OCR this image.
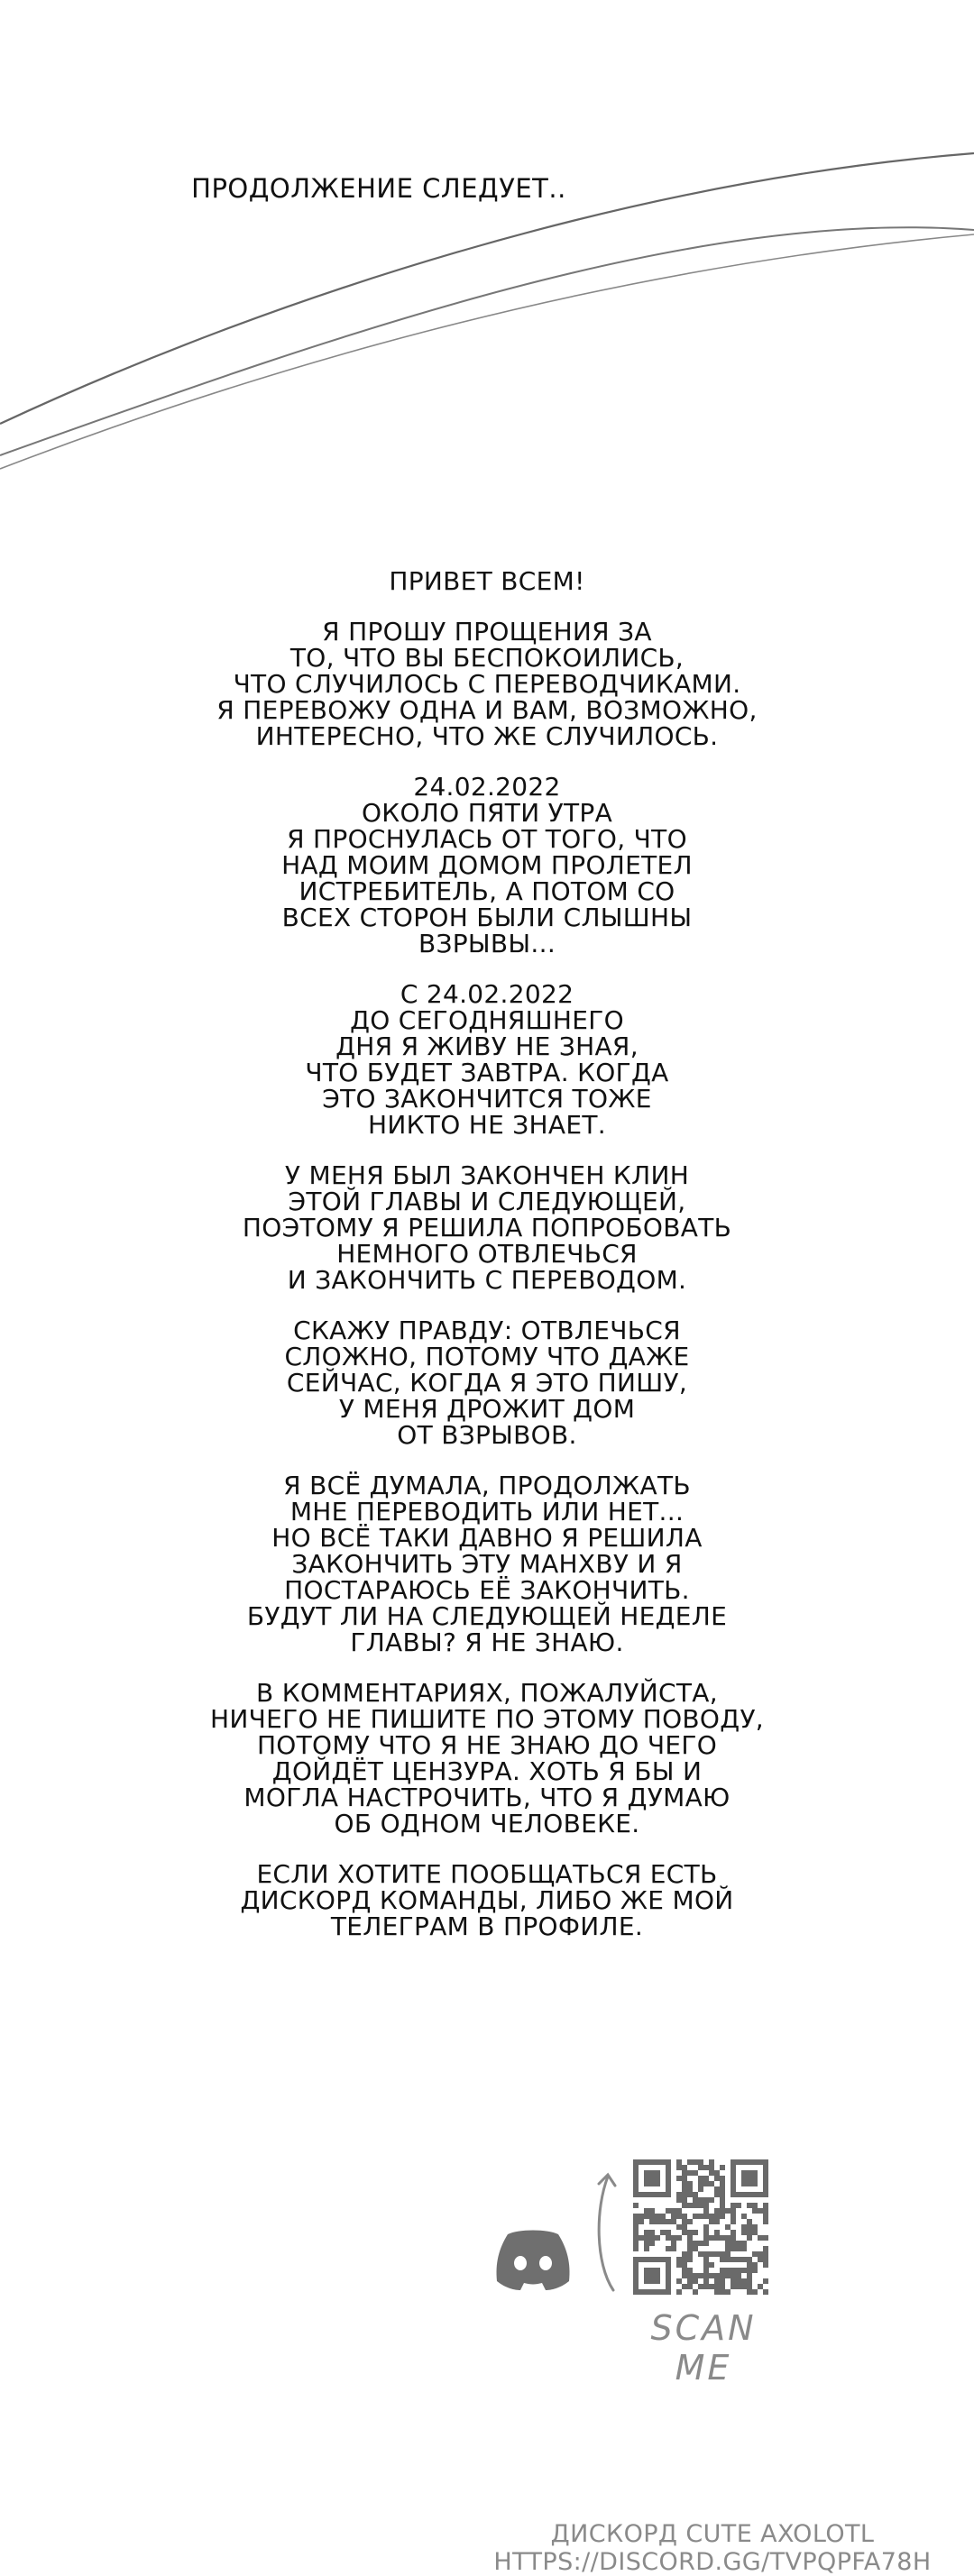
ПРОДОЛЖЕНИЕ СЛЕДУЕТ..
ПРИВЕТ ВСЕМ!
Я ПРОШУ ПРОЩЕНИЯ ЗА
ТО, ЧТО ВЫ БЕСПОКОИЛИСЬ,
ЧТО СЛУЧИЛОСЬ С ПЕРЕВОДЧИКАМИ.
Я ПЕРЕВОЖУ ОДНА И ВАМ, ВОЗМОЖНО,
ИНТЕРЕСНО, ЧТО ЖЕ СЛУЧИЛОСЬ.
24.02.2022
ОКОЛО ПЯТИ УТРА
Я ПРОСНУЛАСЬ ОТ ТОГО, ЧТО
НАД МОИМ ДОМОМ ПРОЛЕТЕЛ
ИСТРЕБИТЕЛЬ, А ПОТОМ СО
ВСЕХ СТОРОН БЫЛИ СЛЫШНЫ
ВЗРЫВЫ...
С 24.02.2022
ДО СЕГОДНЯШНЕГО
ДНЯ Я ЖИВУ НЕ ЗНАЯ,
ЧТО БУДЕТ ЗАВТРА. КОГДА
ЭТО ЗАКОНЧИТСЯ ТОЖЕ
НИКТО НЕ ЗНАЕТ.
У МЕНЯ БЫЛ ЗАКОНЧЕН КЛИН
ЭТОЙ ГЛАВЫ И СЛЕДУЮЩЕЙ,
ПОЭТОМУ Я РЕШИЛА ПОПРОБОВАТЬ
НЕМНОГО ОТВЛЕЧЬСЯ
И ЗАКОНЧИТЬ С ПЕРЕВОДОМ.
СКАЖУ ПРАВДУ: ОТВЛЕЧЬСЯ
СЛОЖНО, ПОТОМУ ЧТО ДАЖЕ
СЕЙЧАС, КОГДА Я ЭТО ПИШУ,
У МЕНЯ ДРОЖИТ ДОМ
ОТ ВЗРЫВОВ.
Я ВСЁ ДУМАЛА, ПРОДОЛЖАТЬ
МНЕ ПЕРЕВОДИТЬ ИЛИ НЕТ...
НО ВСЁ ТАКИ ДАВНО Я РЕШИЛА
ЗАКОНЧИТЬ ЭТУ МАНХВУ И Я
ПОСТАРАЮСЬ ЕЁ ЗАКОНЧИТЬ.
БУДУТ ЛИ НА СЛЕДУЮЩЕЙ НЕДЕЛЕ
ГЛАВЫ? Я НЕ ЗНАЮ.
В КОММЕНТАРИЯХ, ПОЖАЛУЙСТА,
НИЧЕГО НЕ ПИШИТЕ ПО ЭТОМУ ПОВОДУ,
ПОТОМУ ЧТО Я НЕ ЗНАЮ ДО ЧЕГО
ДОЙДЁТ ЦЕНЗУРА. ХОТЬ Я БЫ И
МОГЛА НАСТРОЧИТЬ, ЧТО Я ДУМАЮ
ОБ ОДНОМ ЧЕЛОВЕКЕ.
ЕСЛИ ХОТИТЕ ПООБЩАТЬСЯ ЕСТЬ
ДИСКОРД КОМАНДЫ, ЛИБО ЖЕ МОЙ
ТЕЛЕГРАМ В ПРОФИЛЕ.
ДИСКОРД CUTE AXOLOTL
HTTPS://DISCORD.GG/TVPQPFA78H
SCAN ME
